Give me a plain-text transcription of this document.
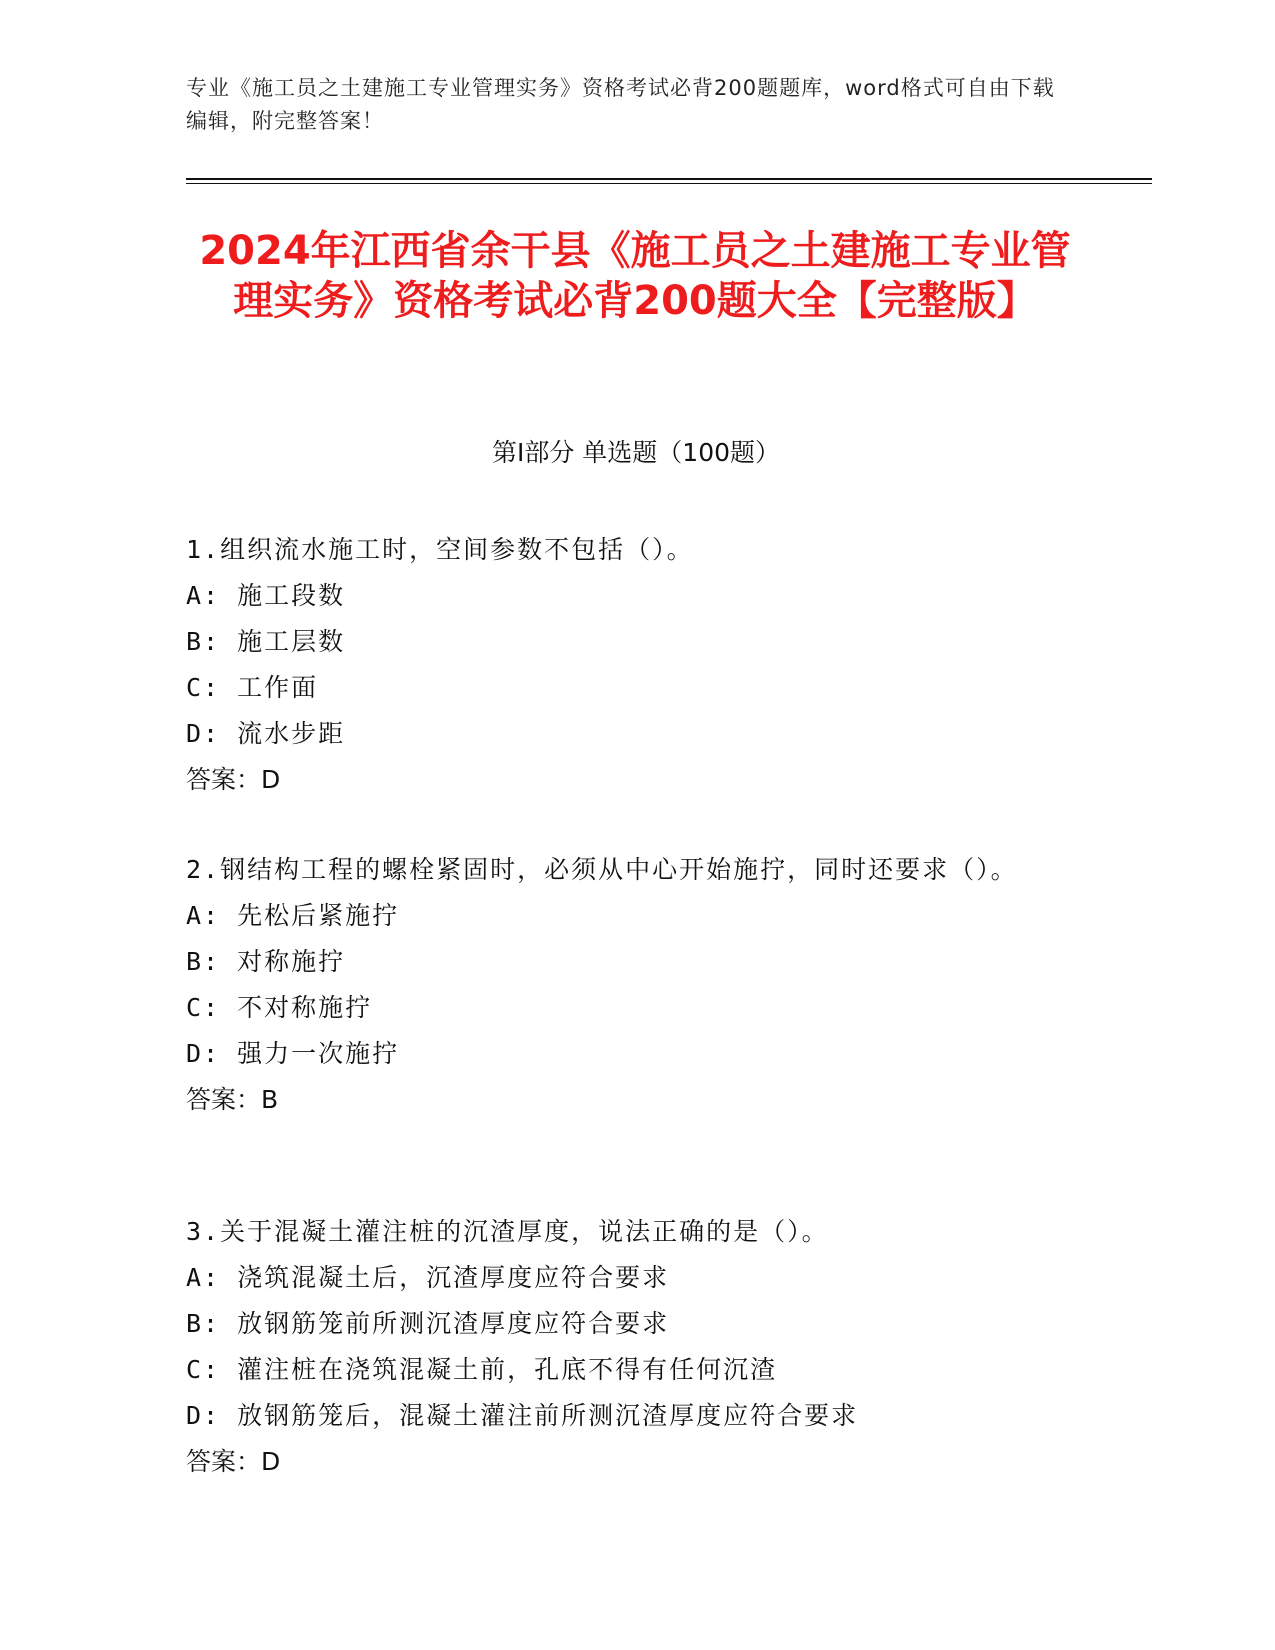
专业《施工员之土建施工专业管理实务》资格考试必背200题题库，word格式可自由下载编辑，附完整答案！
2024年江西省余干县《施工员之土建施工专业管理实务》资格考试必背200题大全【完整版】
第I部分 单选题（100题）

1.组织流水施工时，空间参数不包括（）。

A: 施工段数

B: 施工层数

C: 工作面

D: 流水步距

答案：D

2.钢结构工程的螺栓紧固时，必须从中心开始施拧，同时还要求（）。

A: 先松后紧施拧

B: 对称施拧

C: 不对称施拧

D: 强力一次施拧

答案：B

3.关于混凝土灌注桩的沉渣厚度，说法正确的是（）。

A: 浇筑混凝土后，沉渣厚度应符合要求

B: 放钢筋笼前所测沉渣厚度应符合要求

C: 灌注桩在浇筑混凝土前，孔底不得有任何沉渣

D: 放钢筋笼后，混凝土灌注前所测沉渣厚度应符合要求

答案：D
